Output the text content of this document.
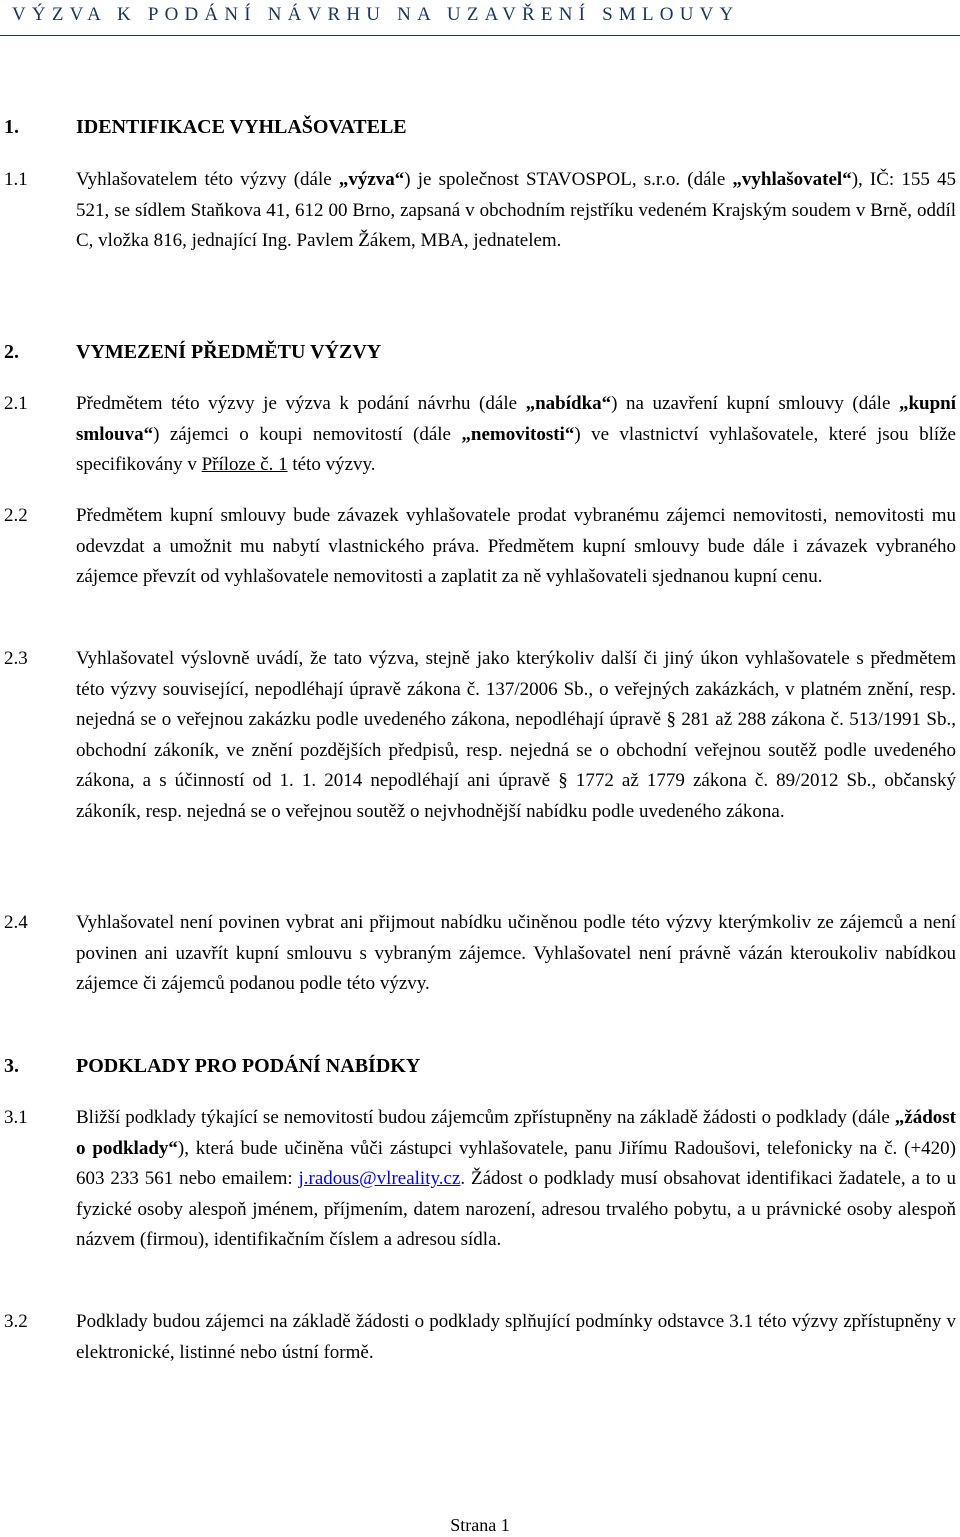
VÝZVA K PODÁNÍ NÁVRHU NA UZAVŘENÍ SMLOUVY
1.	IDENTIFIKACE VYHLAŠOVATELE
1.1	Vyhlašovatelem této výzvy (dále „výzva“) je společnost STAVOSPOL, s.r.o. (dále „vyhlašovatel“), IČ: 155 45 521, se sídlem Staňkova 41, 612 00 Brno, zapsaná v obchodním rejstříku vedeném Krajským soudem v Brně, oddíl C, vložka 816, jednající Ing. Pavlem Žákem, MBA, jednatelem.
2.	VYMEZENÍ PŘEDMĚTU VÝZVY
2.1	Předmětem této výzvy je výzva k podání návrhu (dále „nabídka“) na uzavření kupní smlouvy (dále „kupní smlouva“) zájemci o koupi nemovitostí (dále „nemovitosti“) ve vlastnictví vyhlašovatele, které jsou blíže specifikovány v Příloze č. 1 této výzvy.
2.2	Předmětem kupní smlouvy bude závazek vyhlašovatele prodat vybranému zájemci nemovitosti, nemovitosti mu odevzdat a umožnit mu nabytí vlastnického práva. Předmětem kupní smlouvy bude dále i závazek vybraného zájemce převzít od vyhlašovatele nemovitosti a zaplatit za ně vyhlašovateli sjednanou kupní cenu.
2.3	Vyhlašovatel výslovně uvádí, že tato výzva, stejně jako kterýkoliv další či jiný úkon vyhlašovatele s předmětem této výzvy související, nepodléhají úpravě zákona č. 137/2006 Sb., o veřejných zakázkách, v platném znění, resp. nejedná se o veřejnou zakázku podle uvedeného zákona, nepodléhají úpravě § 281 až 288 zákona č. 513/1991 Sb., obchodní zákoník, ve znění pozdějších předpisů, resp. nejedná se o obchodní veřejnou soutěž podle uvedeného zákona, a s účinností od 1. 1. 2014 nepodléhají ani úpravě § 1772 až 1779 zákona č. 89/2012 Sb., občanský zákoník, resp. nejedná se o veřejnou soutěž o nejvhodnější nabídku podle uvedeného zákona.
2.4	Vyhlašovatel není povinen vybrat ani přijmout nabídku učiněnou podle této výzvy kterýmkoliv ze zájemců a není povinen ani uzavřít kupní smlouvu s vybraným zájemce. Vyhlašovatel není právně vázán kteroukoliv nabídkou zájemce či zájemců podanou podle této výzvy.
3.	PODKLADY PRO PODÁNÍ NABÍDKY
3.1	Bližší podklady týkající se nemovitostí budou zájemcům zpřístupněny na základě žádosti o podklady (dále „žádost o podklady“), která bude učiněna vůči zástupci vyhlašovatele, panu Jiřímu Radoušovi, telefonicky na č. (+420) 603 233 561 nebo emailem: j.radous@vlreality.cz. Žádost o podklady musí obsahovat identifikaci žadatele, a to u fyzické osoby alespoň jménem, příjmením, datem narození, adresou trvalého pobytu, a u právnické osoby alespoň názvem (firmou), identifikačním číslem a adresou sídla.
3.2	Podklady budou zájemci na základě žádosti o podklady splňující podmínky odstavce 3.1 této výzvy zpřístupněny v elektronické, listinné nebo ústní formě.
Strana 1
